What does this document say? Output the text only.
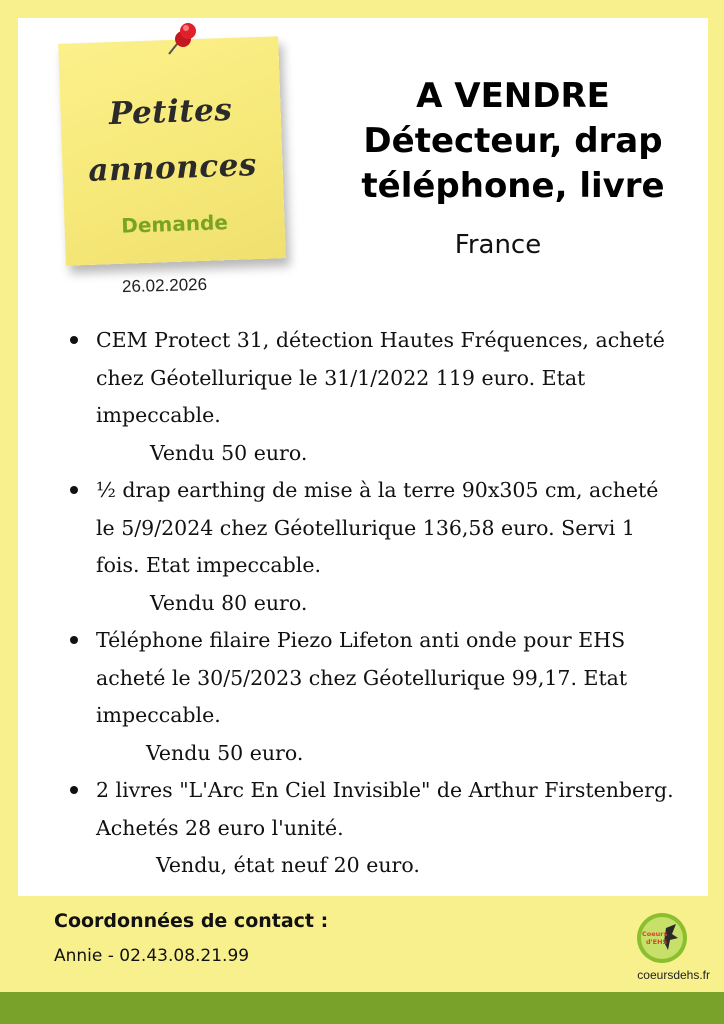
Petites
annonces
Demande
26.02.2026
A VENDRE
Détecteur, drap
téléphone, livre
France
CEM Protect 31, détection Hautes Fréquences, acheté chez Géotellurique le 31/1/2022 119 euro. Etat impeccable.
Vendu 50 euro.
½ drap earthing de mise à la terre 90x305 cm, acheté le 5/9/2024 chez Géotellurique 136,58 euro. Servi 1 fois. Etat impeccable.
Vendu 80 euro.
Téléphone filaire Piezo Lifeton anti onde pour EHS acheté le 30/5/2023 chez Géotellurique 99,17. Etat impeccable.
Vendu 50 euro.
2 livres "L'Arc En Ciel Invisible" de Arthur Firstenberg. Achetés 28 euro l'unité.
Vendu, état neuf 20 euro.
Coordonnées de contact :
Annie - 02.43.08.21.99
Coeurs
d'EHS
coeursdehs.fr
